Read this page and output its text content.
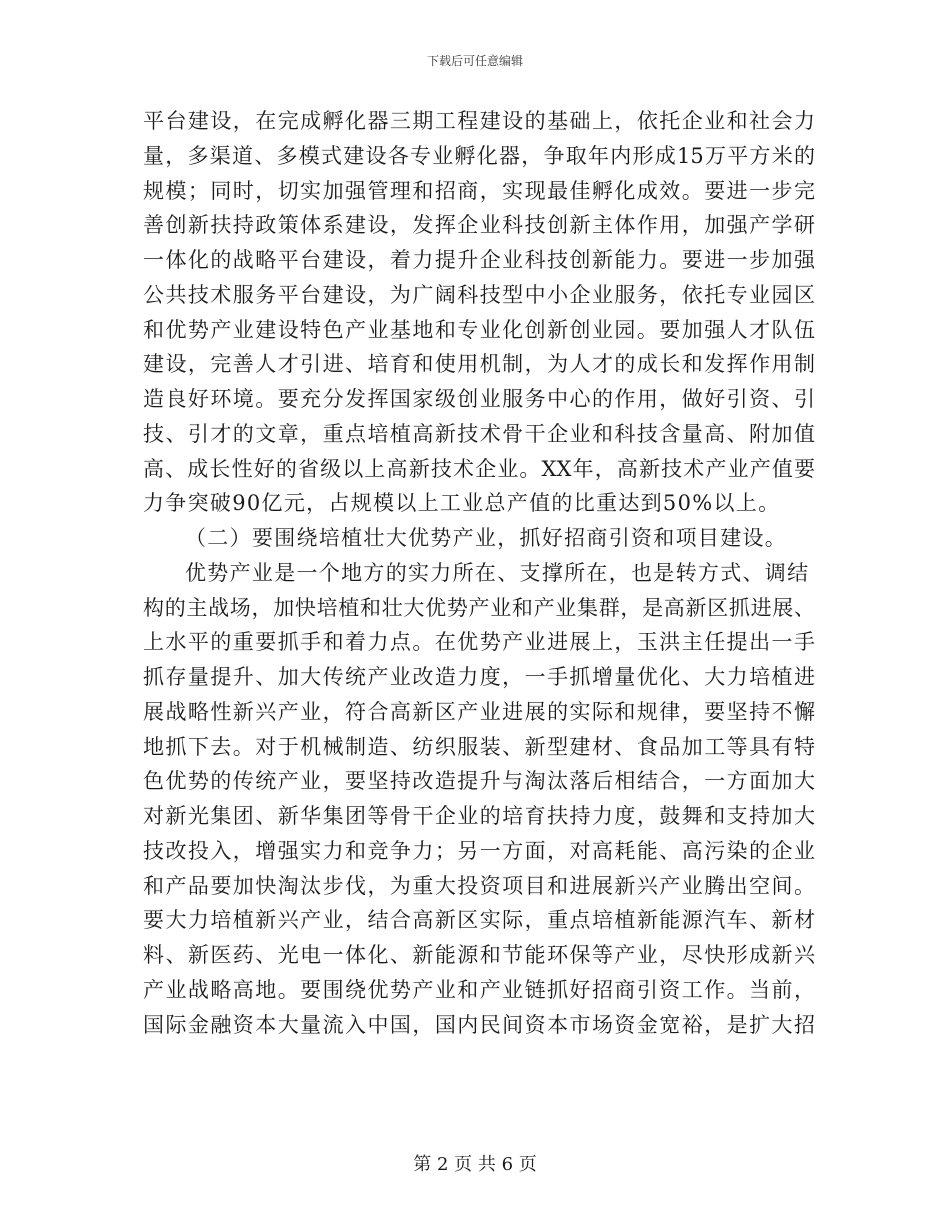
下载后可任意编辑
平台建设，在完成孵化器三期工程建设的基础上，依托企业和社会力
量，多渠道、多模式建设各专业孵化器，争取年内形成15万平方米的
规模；同时，切实加强管理和招商，实现最佳孵化成效。要进一步完
善创新扶持政策体系建设，发挥企业科技创新主体作用，加强产学研
一体化的战略平台建设，着力提升企业科技创新能力。要进一步加强
公共技术服务平台建设，为广阔科技型中小企业服务，依托专业园区
和优势产业建设特色产业基地和专业化创新创业园。要加强人才队伍
建设，完善人才引进、培育和使用机制，为人才的成长和发挥作用制
造良好环境。要充分发挥国家级创业服务中心的作用，做好引资、引
技、引才的文章，重点培植高新技术骨干企业和科技含量高、附加值
高、成长性好的省级以上高新技术企业。XX年，高新技术产业产值要
力争突破90亿元，占规模以上工业总产值的比重达到50%以上。
（二）要围绕培植壮大优势产业，抓好招商引资和项目建设。
优势产业是一个地方的实力所在、支撑所在，也是转方式、调结
构的主战场，加快培植和壮大优势产业和产业集群，是高新区抓进展、
上水平的重要抓手和着力点。在优势产业进展上，玉洪主任提出一手
抓存量提升、加大传统产业改造力度，一手抓增量优化、大力培植进
展战略性新兴产业，符合高新区产业进展的实际和规律，要坚持不懈
地抓下去。对于机械制造、纺织服装、新型建材、食品加工等具有特
色优势的传统产业，要坚持改造提升与淘汰落后相结合，一方面加大
对新光集团、新华集团等骨干企业的培育扶持力度，鼓舞和支持加大
技改投入，增强实力和竞争力；另一方面，对高耗能、高污染的企业
和产品要加快淘汰步伐，为重大投资项目和进展新兴产业腾出空间。
要大力培植新兴产业，结合高新区实际，重点培植新能源汽车、新材
料、新医药、光电一体化、新能源和节能环保等产业，尽快形成新兴
产业战略高地。要围绕优势产业和产业链抓好招商引资工作。当前，
国际金融资本大量流入中国，国内民间资本市场资金宽裕，是扩大招
第 2 页 共 6 页
